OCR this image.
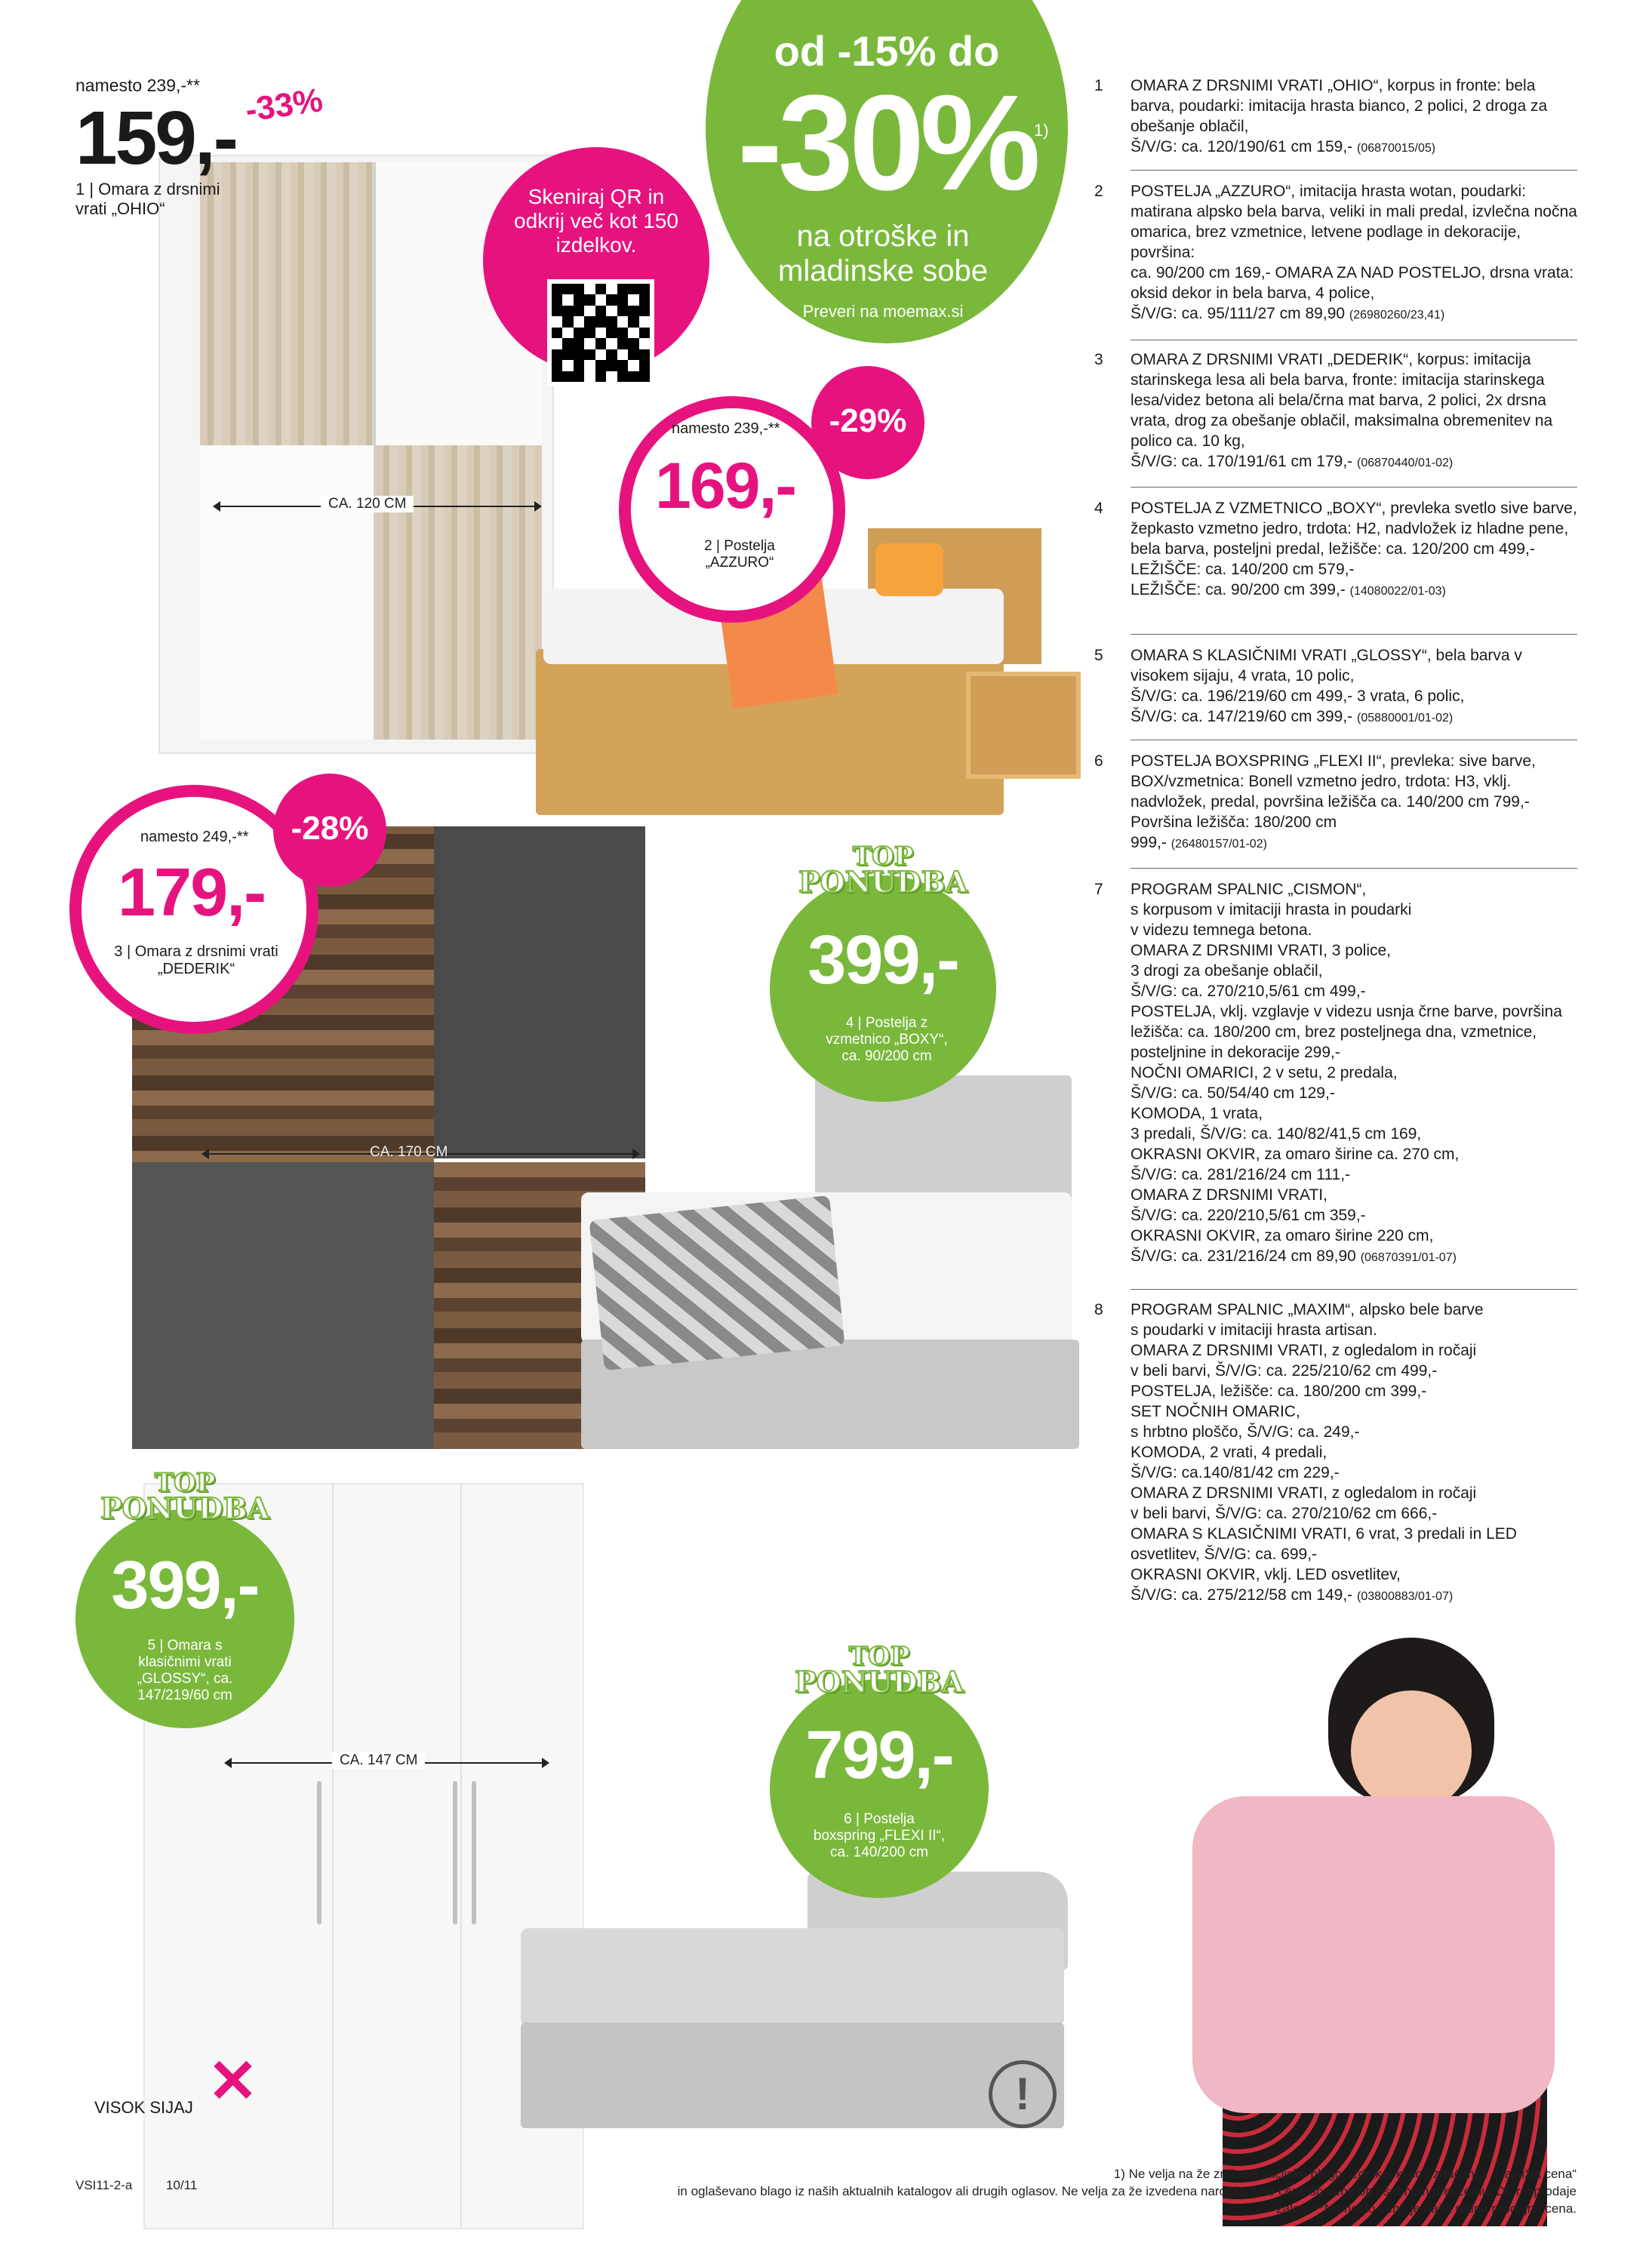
CA. 120 CM
CA. 170 CM
CA. 147 CM
od -15% do
-30%
1)
na otroške in mladinske sobe
Preveri na moemax.si
Skeniraj QR in odkrij več kot 150 izdelkov.
namesto 239,-**
159,- -33%
1 | Omara z drsnimi vrati „OHIO“
namesto 239,-**
169,-
2 | Postelja „AZZURO“
-29%
namesto 249,-**
179,-
3 | Omara z drsnimi vrati „DEDERIK“
-28%
TOP
PONUDBA
399,-
4 | Postelja z vzmetnico „BOXY“, ca. 90/200 cm
TOP
PONUDBA
399,-
5 | Omara s klasičnimi vrati „GLOSSY“, ca. 147/219/60 cm
TOP
PONUDBA
799,-
6 | Postelja boxspring „FLEXI II“, ca. 140/200 cm
1 OMARA Z DRSNIMI VRATI „OHIO“, korpus in fronte: bela barva, poudarki: imitacija hrasta bianco, 2 polici, 2 droga za obešanje oblačil,
Š/V/G: ca. 120/190/61 cm 159,- (06870015/05)
2 POSTELJA „AZZURO“, imitacija hrasta wotan, poudarki: matirana alpsko bela barva, veliki in mali predal, izvlečna nočna omarica, brez vzmetnice, letvene podlage in dekoracije, površina:
ca. 90/200 cm 169,- OMARA ZA NAD POSTELJO, drsna vrata: oksid dekor in bela barva, 4 police,
Š/V/G: ca. 95/111/27 cm 89,90 (26980260/23,41)
3 OMARA Z DRSNIMI VRATI „DEDERIK“, korpus: imitacija starinskega lesa ali bela barva, fronte: imitacija starinskega lesa/videz betona ali bela/črna mat barva, 2 polici, 2x drsna vrata, drog za obešanje oblačil, maksimalna obremenitev na polico ca. 10 kg,
Š/V/G: ca. 170/191/61 cm 179,- (06870440/01-02)
4 POSTELJA Z VZMETNICO „BOXY“, prevleka svetlo sive barve, žepkasto vzmetno jedro, trdota: H2, nadvložek iz hladne pene, bela barva, posteljni predal, ležišče: ca. 120/200 cm 499,-
LEŽIŠČE: ca. 140/200 cm 579,-
LEŽIŠČE: ca. 90/200 cm 399,- (14080022/01-03)
5 OMARA S KLASIČNIMI VRATI „GLOSSY“, bela barva v visokem sijaju, 4 vrata, 10 polic,
Š/V/G: ca. 196/219/60 cm 499,- 3 vrata, 6 polic,
Š/V/G: ca. 147/219/60 cm 399,- (05880001/01-02)
6 POSTELJA BOXSPRING „FLEXI II“, prevleka: sive barve, BOX/vzmetnica: Bonell vzmetno jedro, trdota: H3, vklj. nadvložek, predal, površina ležišča ca. 140/200 cm 799,- Površina ležišča: 180/200 cm
999,- (26480157/01-02)
7 PROGRAM SPALNIC „CISMON“,
s korpusom v imitaciji hrasta in poudarki
v videzu temnega betona.
OMARA Z DRSNIMI VRATI, 3 police,
3 drogi za obešanje oblačil,
Š/V/G: ca. 270/210,5/61 cm 499,-
POSTELJA, vklj. vzglavje v videzu usnja črne barve, površina ležišča: ca. 180/200 cm, brez posteljnega dna, vzmetnice, posteljnine in dekoracije 299,-
NOČNI OMARICI, 2 v setu, 2 predala,
Š/V/G: ca. 50/54/40 cm 129,-
KOMODA, 1 vrata,
3 predali, Š/V/G: ca. 140/82/41,5 cm 169,
OKRASNI OKVIR, za omaro širine ca. 270 cm,
Š/V/G: ca. 281/216/24 cm 111,-
OMARA Z DRSNIMI VRATI,
Š/V/G: ca. 220/210,5/61 cm 359,-
OKRASNI OKVIR, za omaro širine 220 cm,
Š/V/G: ca. 231/216/24 cm 89,90 (06870391/01-07)
8 PROGRAM SPALNIC „MAXIM“, alpsko bele barve
s poudarki v imitaciji hrasta artisan.
OMARA Z DRSNIMI VRATI, z ogledalom in ročaji
v beli barvi, Š/V/G: ca. 225/210/62 cm 499,-
POSTELJA, ležišče: ca. 180/200 cm 399,-
SET NOČNIH OMARIC,
s hrbtno ploščo, Š/V/G: ca. 249,-
KOMODA, 2 vrati, 4 predali,
Š/V/G: ca.140/81/42 cm 229,-
OMARA Z DRSNIMI VRATI, z ogledalom in ročaji
v beli barvi, Š/V/G: ca. 270/210/62 cm 666,-
OMARA S KLASIČNIMI VRATI, 6 vrat, 3 predali in LED osvetlitev, Š/V/G: ca. 699,-
OKRASNI OKVIR, vklj. LED osvetlitev,
Š/V/G: ca. 275/212/58 cm 149,- (03800883/01-07)
VISOK SIJAJ ✕	!
VSI11-2-a	10/11
1) Ne velja na že znižano akcijsko blago, izdelke, ki so označeni z „Najnižja cena“
in oglaševano blago iz naših aktualnih katalogov ali drugih oglasov. Ne velja za že izvedena naročila. Vse cene so cene ob osebnem prevzemu. Do razprodaje
zalog. **Namesto cena je naša redna prodajna cena.
